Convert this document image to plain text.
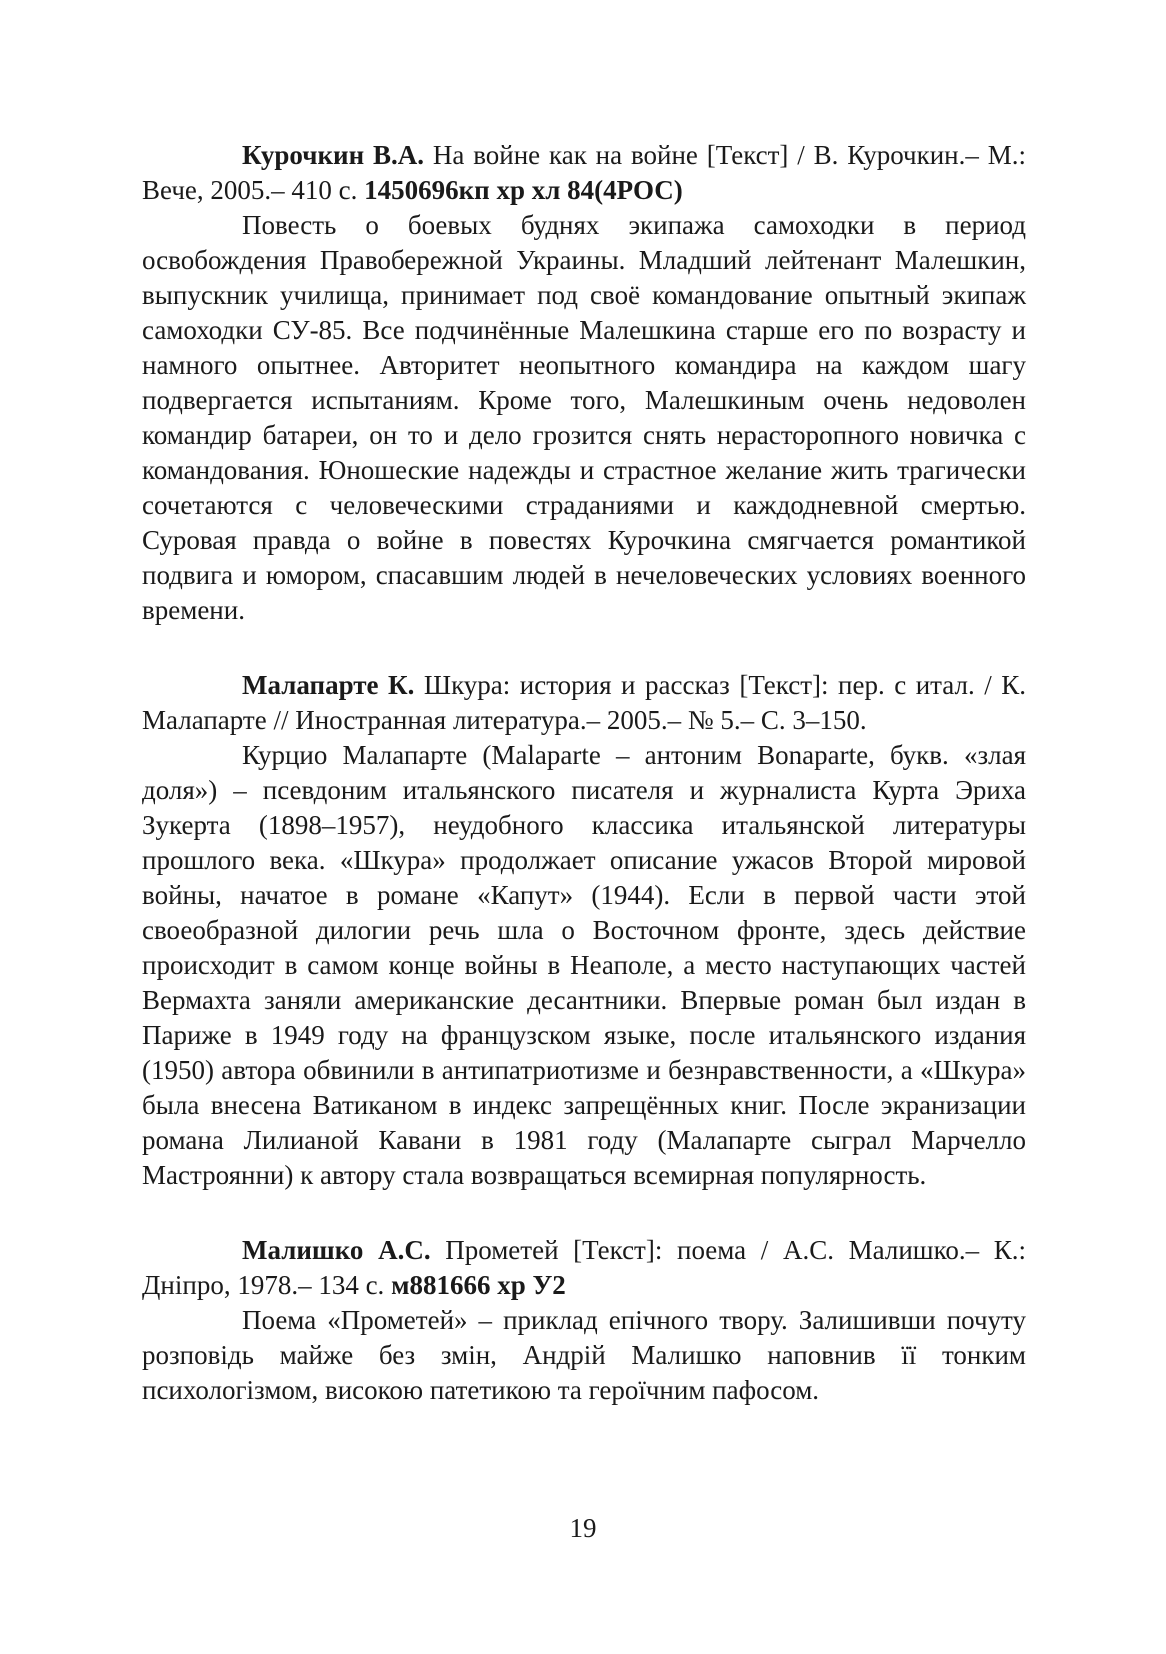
Курочкин В.А. На войне как на войне [Текст] / В. Курочкин.– М.: Вече, 2005.– 410 с. 1450696кп хр хл 84(4РОС)

Повесть о боевых буднях экипажа самоходки в период освобождения Правобережной Украины. Младший лейтенант Малешкин, выпускник училища, принимает под своё командование опытный экипаж самоходки СУ-85. Все подчинённые Малешкина старше его по возрасту и намного опытнее. Авторитет неопытного командира на каждом шагу подвергается испытаниям. Кроме того, Малешкиным очень недоволен командир батареи, он то и дело грозится снять нерасторопного новичка с командования. Юношеские надежды и страстное желание жить трагически сочетаются с человеческими страданиями и каждодневной смертью. Суровая правда о войне в повестях Курочкина смягчается романтикой подвига и юмором, спасавшим людей в нечеловеческих условиях военного времени.

Малапарте К. Шкура: история и рассказ [Текст]: пер. с итал. / К. Малапарте // Иностранная литература.– 2005.– № 5.– С. 3–150.

Курцио Малапарте (Malaparte – антоним Bonaparte, букв. «злая доля») – псевдоним итальянского писателя и журналиста Курта Эриха Зукерта (1898–1957), неудобного классика итальянской литературы прошлого века. «Шкура» продолжает описание ужасов Второй мировой войны, начатое в романе «Капут» (1944). Если в первой части этой своеобразной дилогии речь шла о Восточном фронте, здесь действие происходит в самом конце войны в Неаполе, а место наступающих частей Вермахта заняли американские десантники. Впервые роман был издан в Париже в 1949 году на французском языке, после итальянского издания (1950) автора обвинили в антипатриотизме и безнравственности, а «Шкура» была внесена Ватиканом в индекс запрещённых книг. После экранизации романа Лилианой Кавани в 1981 году (Малапарте сыграл Марчелло Мастроянни) к автору стала возвращаться всемирная популярность.

Малишко А.С. Прометей [Текст]: поема / А.С. Малишко.– К.: Дніпро, 1978.– 134 с. м881666 хр У2

Поема «Прометей» – приклад епічного твору. Залишивши почуту розповідь майже без змін, Андрій Малишко наповнив її тонким психологізмом, високою патетикою та героїчним пафосом.

19
